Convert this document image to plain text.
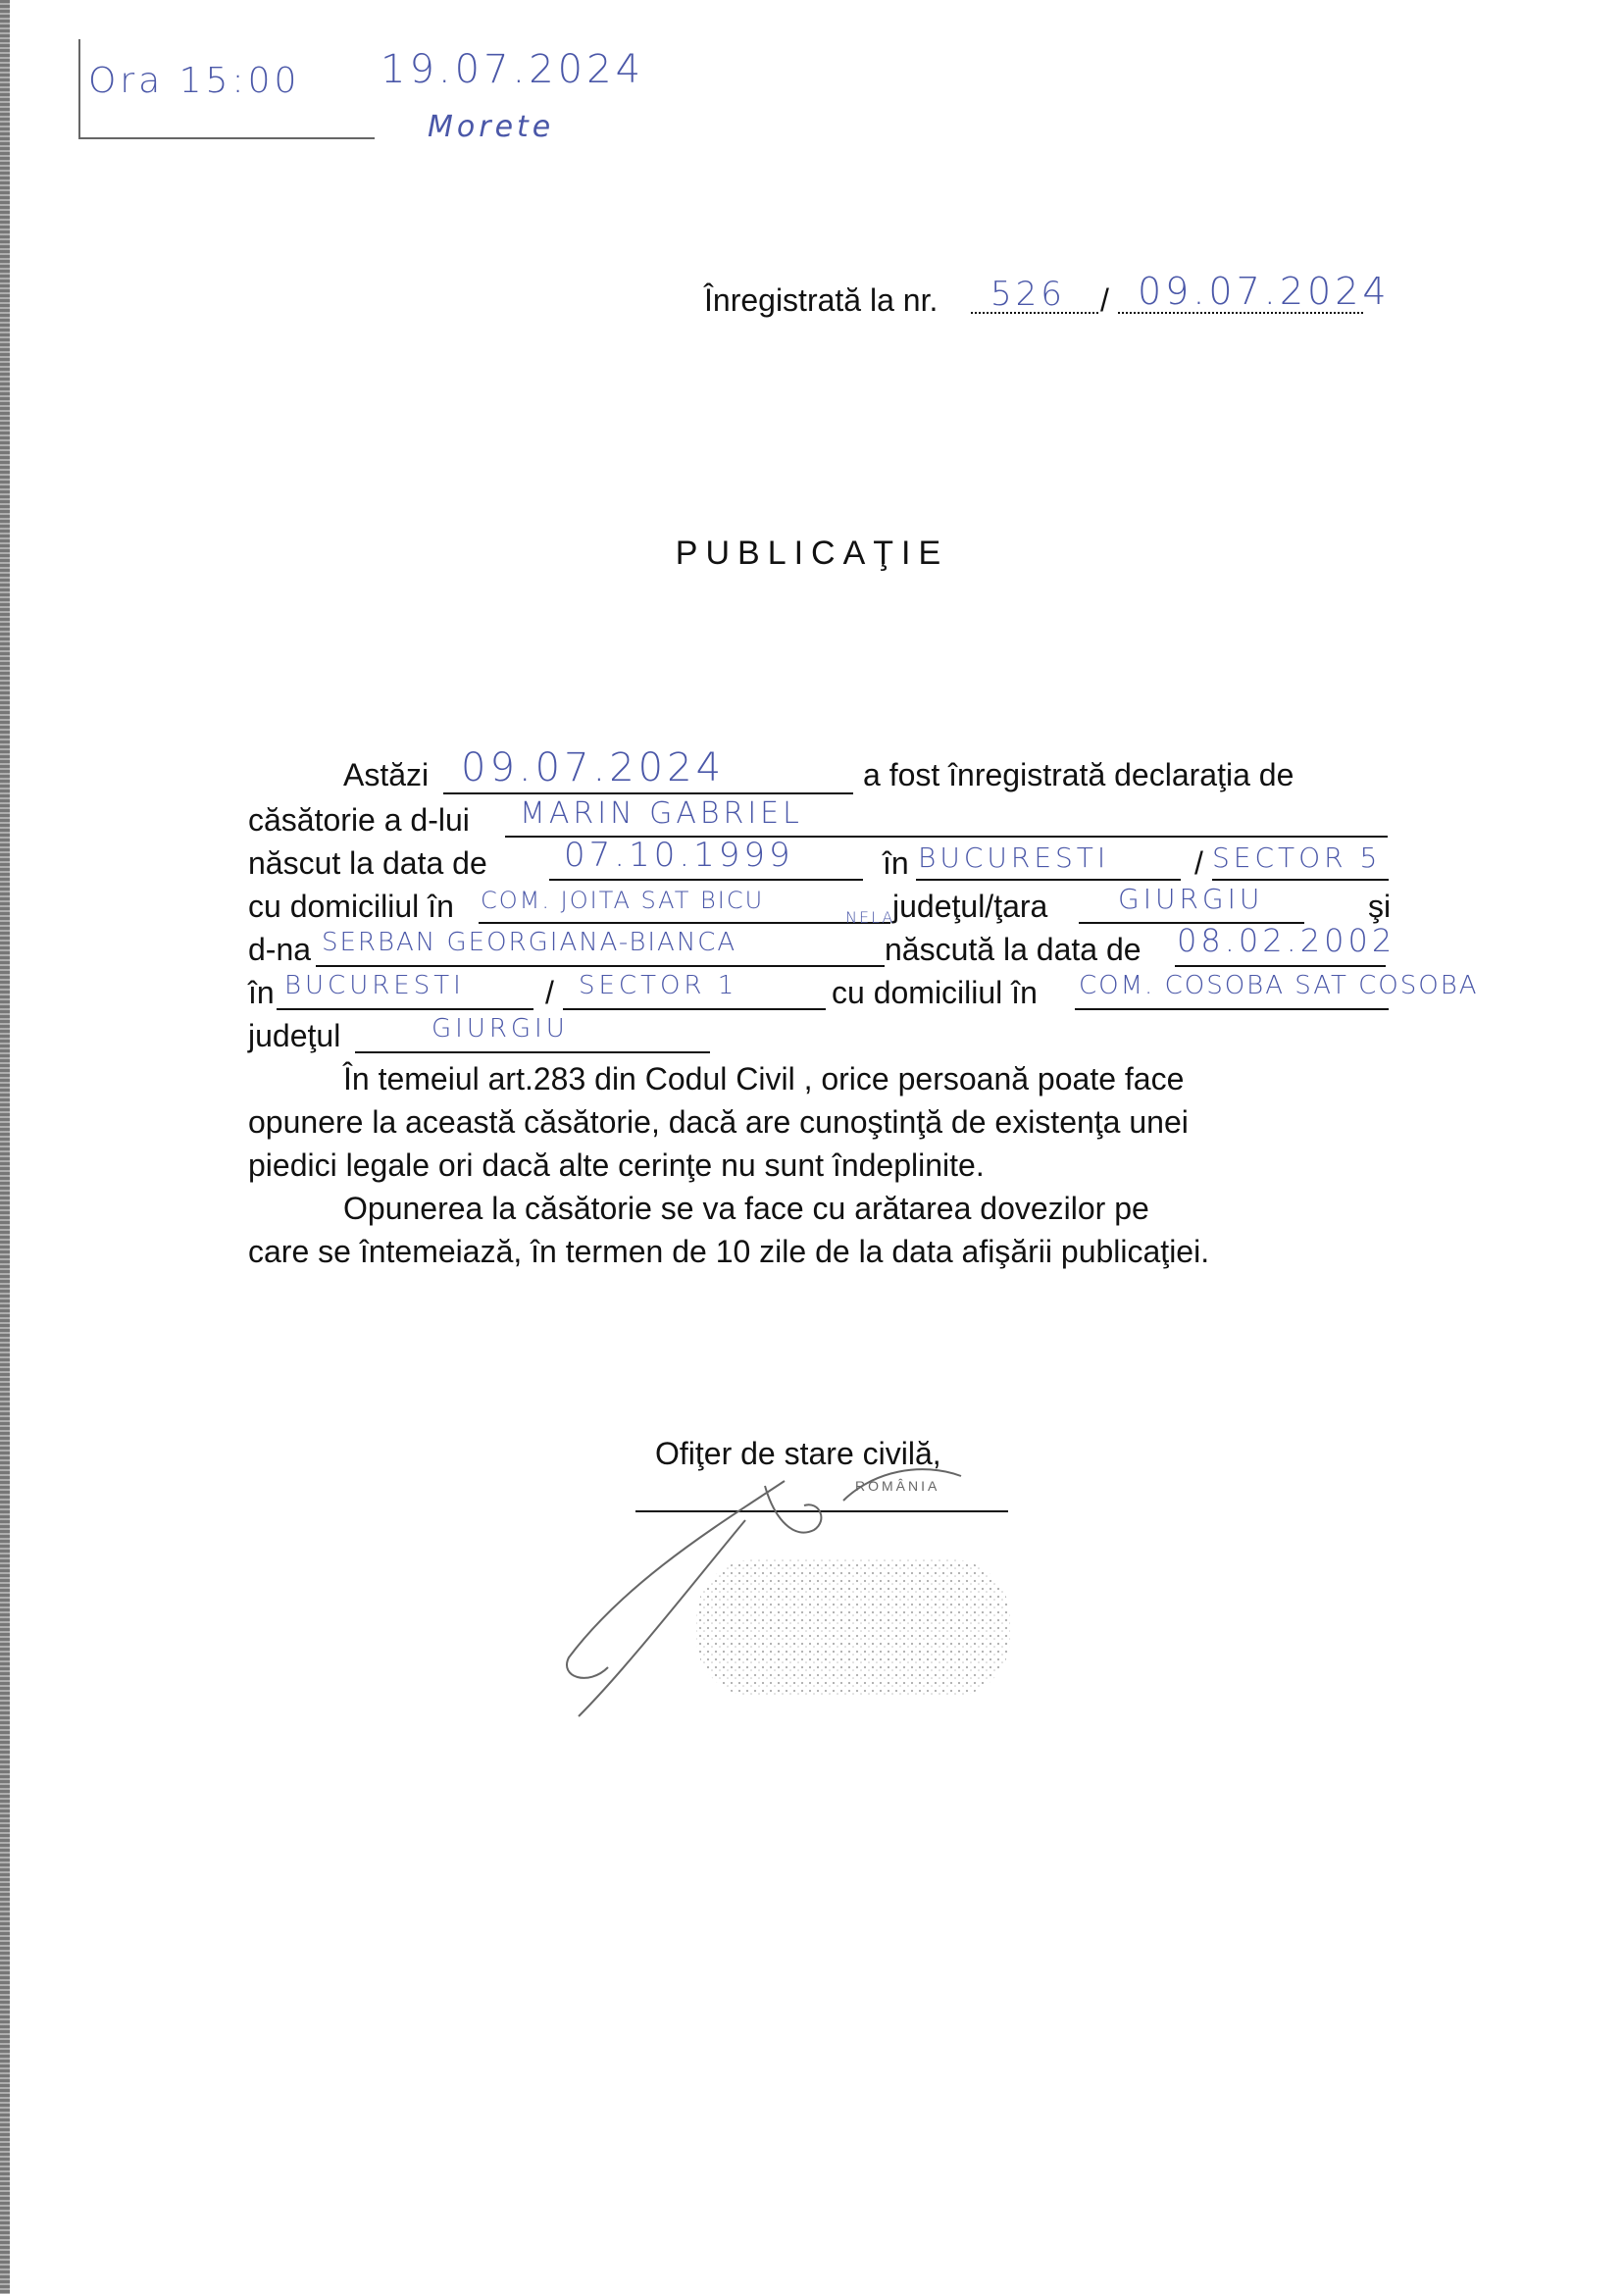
Ora 15:00 19.07.2024
Morete
Înregistrată la nr. 526 / 09.07.2024
PUBLICAŢIE
Astăzi 09.07.2024	a fost înregistrată declaraţia de
căsătorie a d-lui MARIN GABRIEL
născut la data de 07.10.1999	în BUCURESTI	/ SECTOR 5
cu domiciliul în COM. JOITA SAT BICU	judeţul/ţara	GIURGIU	şi
d-na SERBAN GEORGIANA-BIANCA
NELA
născută la data de 08.02.2002
în BUCURESTI	/ SECTOR 1	cu domiciliul în COM. COSOBA SAT COSOBA
judeţul	GIURGIU
În temeiul art.283 din Codul Civil , orice persoană poate face
opunere la această căsătorie, dacă are cunoştinţă de existenţa unei
piedici legale ori dacă alte cerinţe nu sunt îndeplinite.
Opunerea la căsătorie se va face cu arătarea dovezilor pe
care se întemeiază, în termen de 10 zile de la data afişării publicaţiei.
Ofiţer de stare civilă,
ROMÂNIA
